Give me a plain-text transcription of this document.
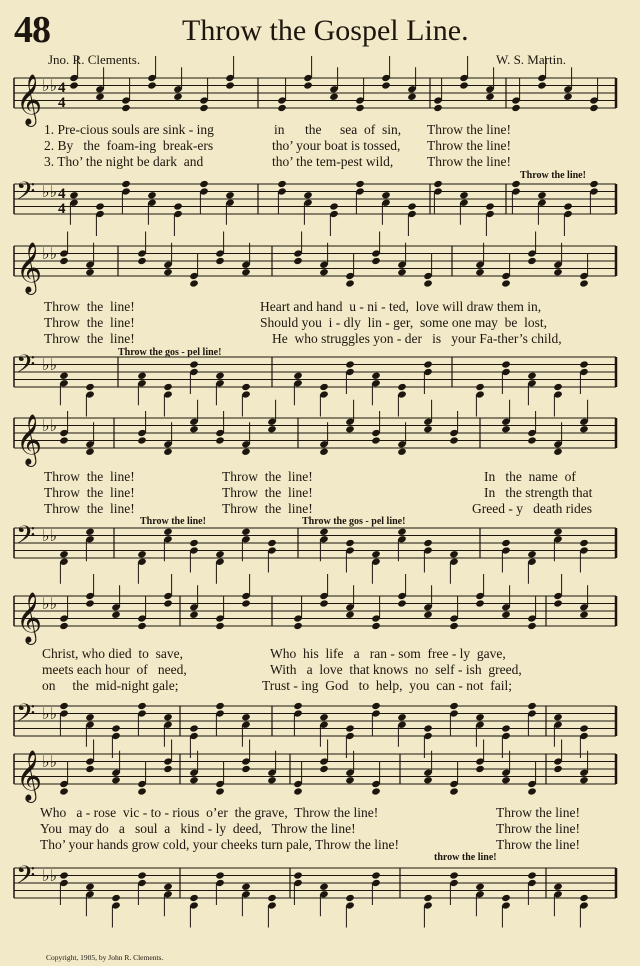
48	Throw the Gospel Line.
Jno. R. Clements.	W. S. Martin.
𝄞 ♭♭ 4
4
𝄢 ♭♭ 4
4
𝄞 ♭♭
𝄢 ♭♭
𝄞 ♭♭
𝄢 ♭♭
𝄞 ♭♭
𝄢 ♭♭
𝄞 ♭♭
𝄢 ♭♭
1. Pre-cious souls are sink - ing	in the sea  of  sin, Throw the line!
2. By   the  foam-ing  break-ers	tho’ your boat is tossed, Throw the line!
3. Tho’ the night be dark  and	tho’ the tem-pest wild,	Throw the line!
Throw the line!
Throw  the  line!	Heart and hand  u - ni - ted,  love will draw them in,
Throw  the  line!	Should you  i - dly  lin - ger,  some one may  be  lost,
Throw  the  line!	He  who struggles yon - der   is   your Fa-ther’s child,
Throw the gos - pel line!
Throw  the  line!	Throw  the  line!	In   the  name  of
Throw  the  line!	Throw  the  line!	In   the strength that
Throw  the  line!	Throw  the  line!	Greed - y   death rides
Throw the line!	Throw the gos - pel line!
Christ, who died  to  save,	Who  his  life   a   ran - som  free - ly  gave,
meets each hour  of   need,	With   a  love  that knows  no  self - ish  greed,
on     the  mid-night gale;	Trust - ing  God   to  help,  you  can - not  fail;
Who   a - rose  vic - to - rious  o’er  the grave,  Throw the line!	Throw the line!
You  may do   a   soul  a   kind - ly  deed,   Throw the line!	Throw the line!
Tho’ your hands grow cold, your cheeks turn pale, Throw the line!	Throw the line!
throw the line!
Copyright, 1905, by John R. Clements.
